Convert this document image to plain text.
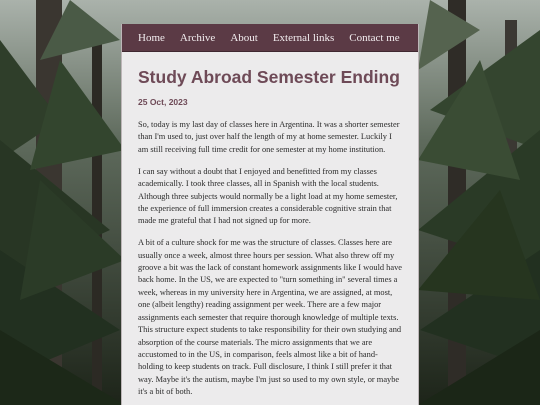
Home Archive About External links Contact me
Study Abroad Semester Ending
25 Oct, 2023

So, today is my last day of classes here in Argentina. It was a shorter semester than I'm used to, just over half the length of my at home semester. Luckily I am still receiving full time credit for one semester at my home institution.

I can say without a doubt that I enjoyed and benefitted from my classes academically. I took three classes, all in Spanish with the local students. Although three subjects would normally be a light load at my home semester, the experience of full immersion creates a considerable cognitive strain that made me grateful that I had not signed up for more.

A bit of a culture shock for me was the structure of classes. Classes here are usually once a week, almost three hours per session. What also threw off my groove a bit was the lack of constant homework assignments like I would have back home. In the US, we are expected to "turn something in" several times a week, whereas in my university here in Argentina, we are assigned, at most, one (albeit lengthy) reading assignment per week. There are a few major assignments each semester that require thorough knowledge of multiple texts. This structure expect students to take responsibility for their own studying and absorption of the course materials. The micro assignments that we are accustomed to in the US, in comparison, feels almost like a bit of hand-holding to keep students on track. Full disclosure, I think I still prefer it that way. Maybe it's the autism, maybe I'm just so used to my own style, or maybe it's a bit of both.
